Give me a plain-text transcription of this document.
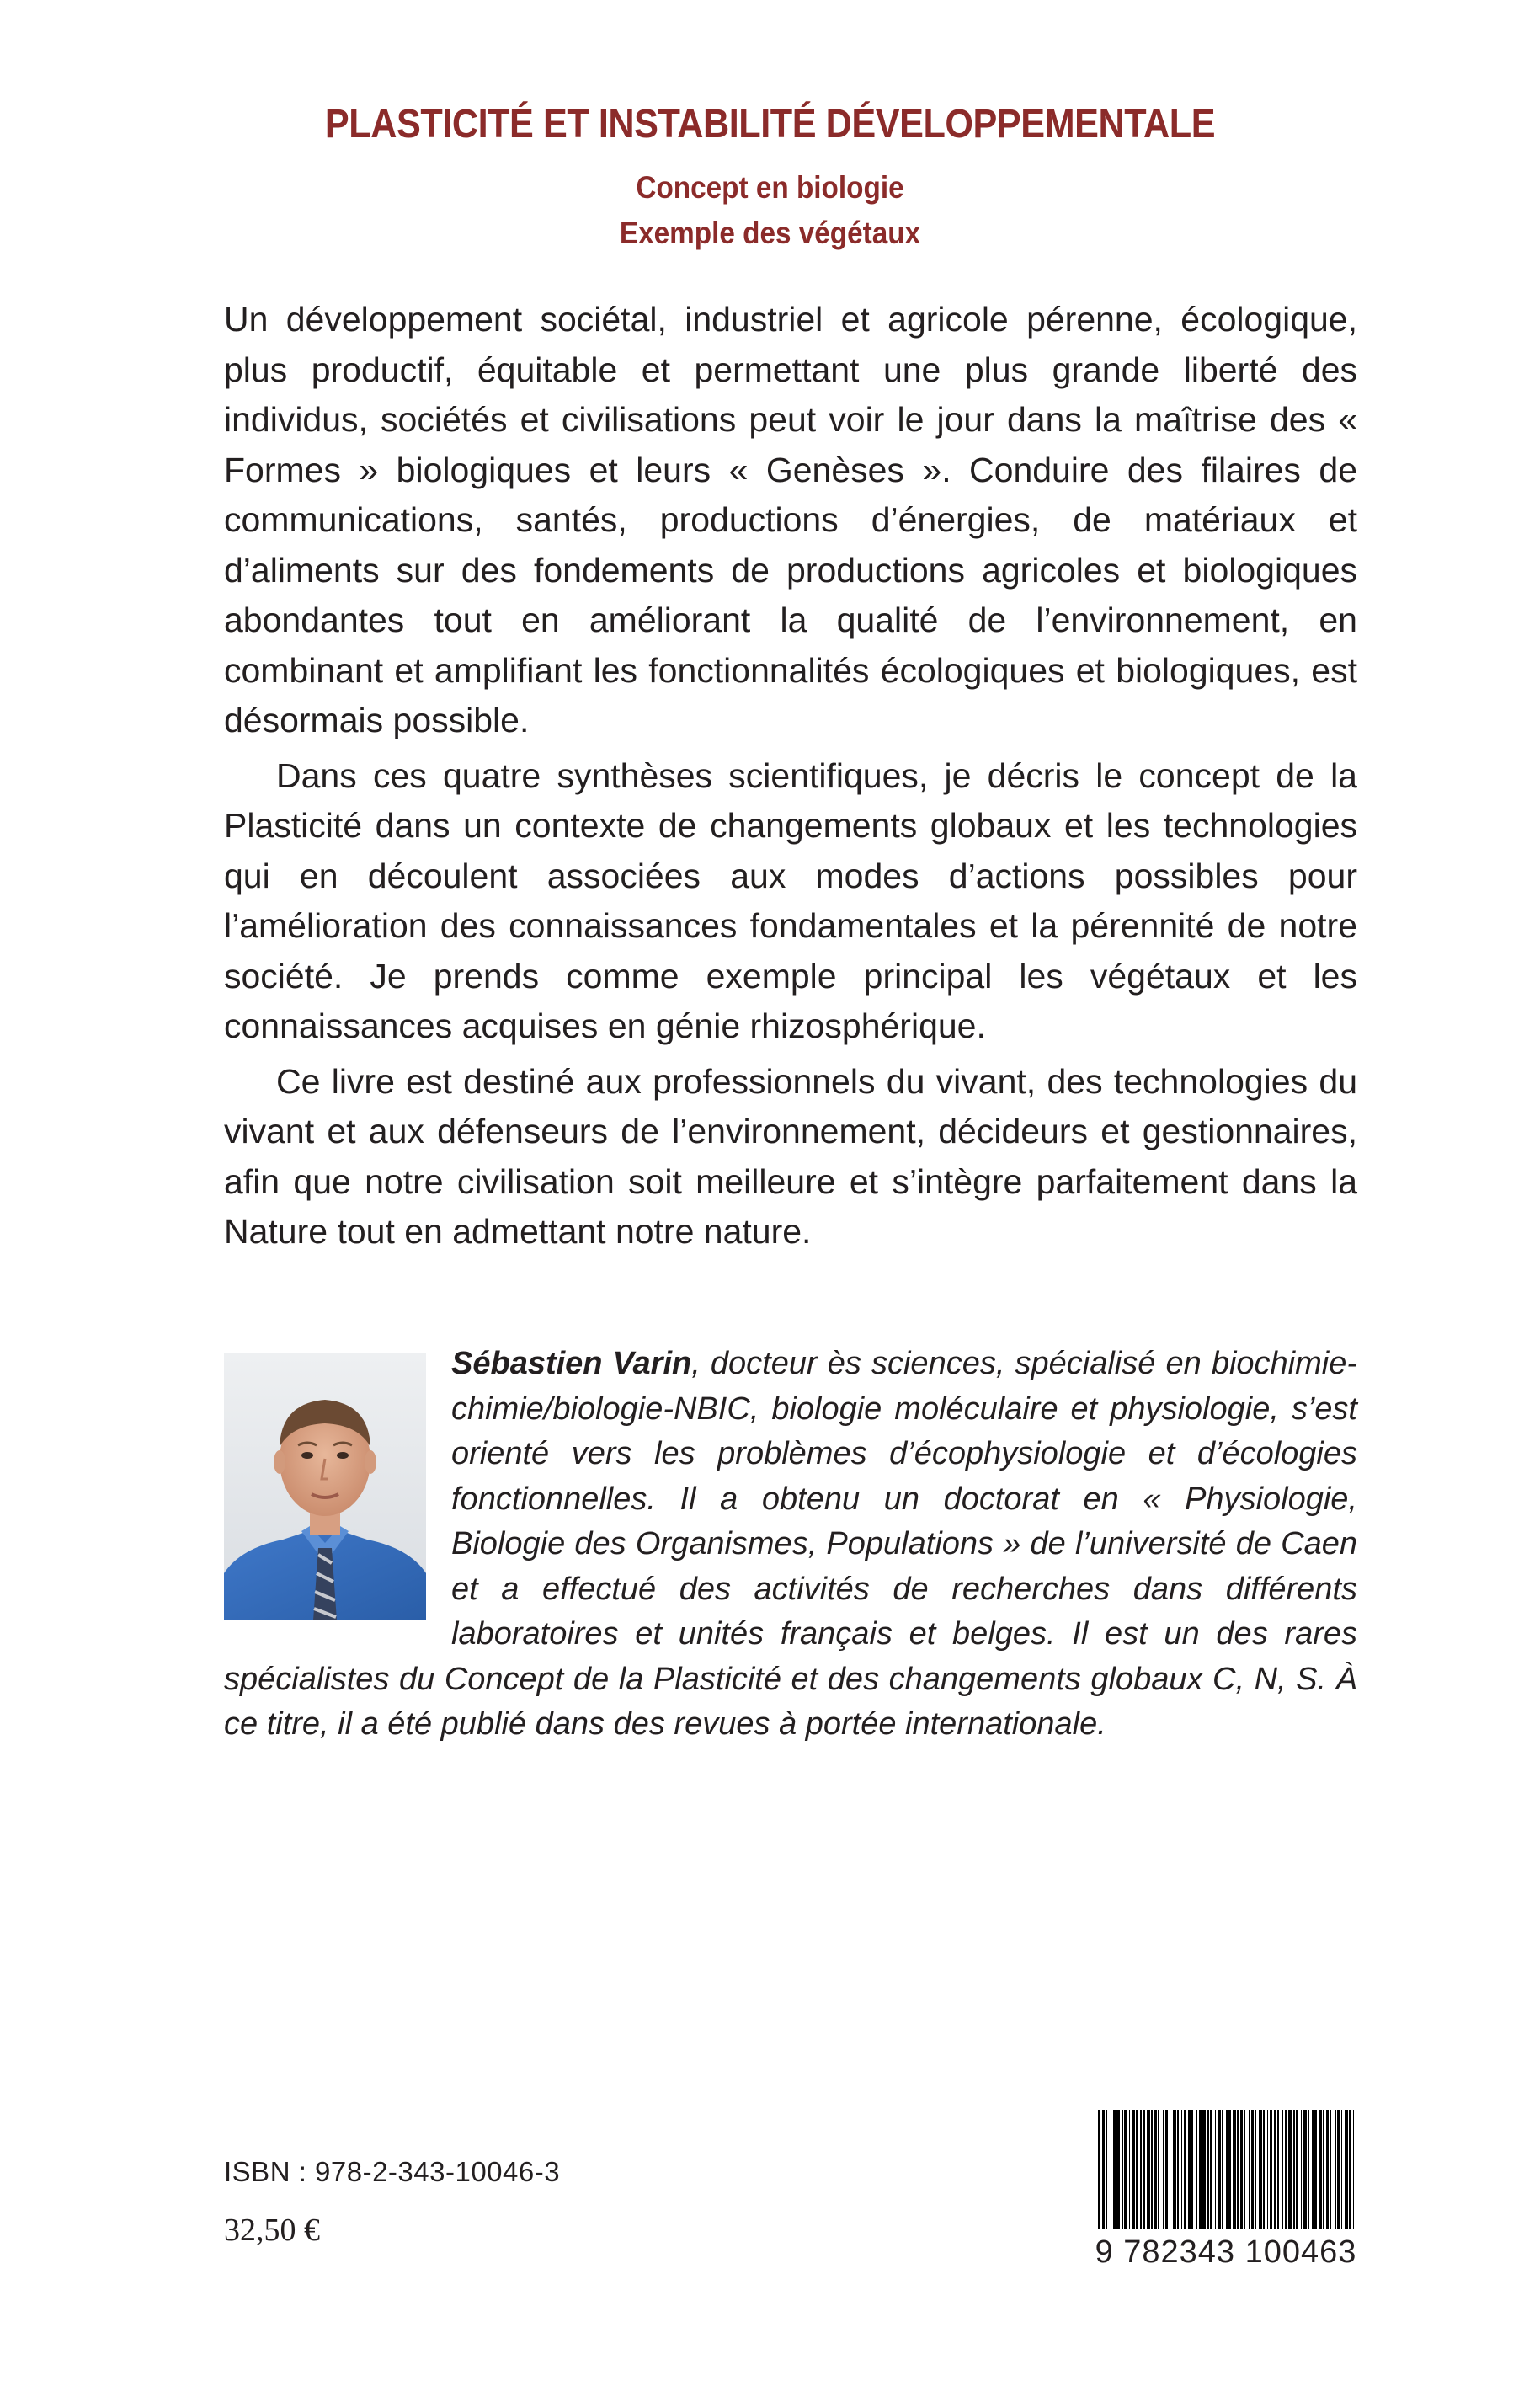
PLASTICITÉ ET INSTABILITÉ DÉVELOPPEMENTALE
Concept en biologie
Exemple des végétaux

Un développement sociétal, industriel et agricole pérenne, écologique, plus productif, équitable et permettant une plus grande liberté des individus, sociétés et civilisations peut voir le jour dans la maîtrise des « Formes » biologiques et leurs « Genèses ». Conduire des filaires de communications, santés, productions d’énergies, de matériaux et d’aliments sur des fondements de productions agricoles et biologiques abondantes tout en améliorant la qualité de l’environnement, en combinant et amplifiant les fonctionnalités écologiques et biologiques, est désormais possible.

Dans ces quatre synthèses scientifiques, je décris le concept de la Plasticité dans un contexte de changements globaux et les technologies qui en découlent associées aux modes d’actions possibles pour l’amélioration des connaissances fondamentales et la pérennité de notre société. Je prends comme exemple principal les végétaux et les connaissances acquises en génie rhizosphérique.

Ce livre est destiné aux professionnels du vivant, des technologies du vivant et aux défenseurs de l’environnement, décideurs et gestionnaires, afin que notre civilisation soit meilleure et s’intègre parfaitement dans la Nature tout en admettant notre nature.

Sébastien Varin, docteur ès sciences, spécialisé en biochimie-chimie/biologie-NBIC, biologie moléculaire et physiologie, s’est orienté vers les problèmes d’écophysiologie et d’écologies fonctionnelles. Il a obtenu un doctorat en « Physiologie, Biologie des Organismes, Populations » de l’université de Caen et a effectué des activités de recherches dans différents laboratoires et unités français et belges. Il est un des rares spécialistes du Concept de la Plasticité et des changements globaux C, N, S. À ce titre, il a été publié dans des revues à portée internationale.
ISBN : 978-2-343-10046-3
32,50 €
9 782343 100463
